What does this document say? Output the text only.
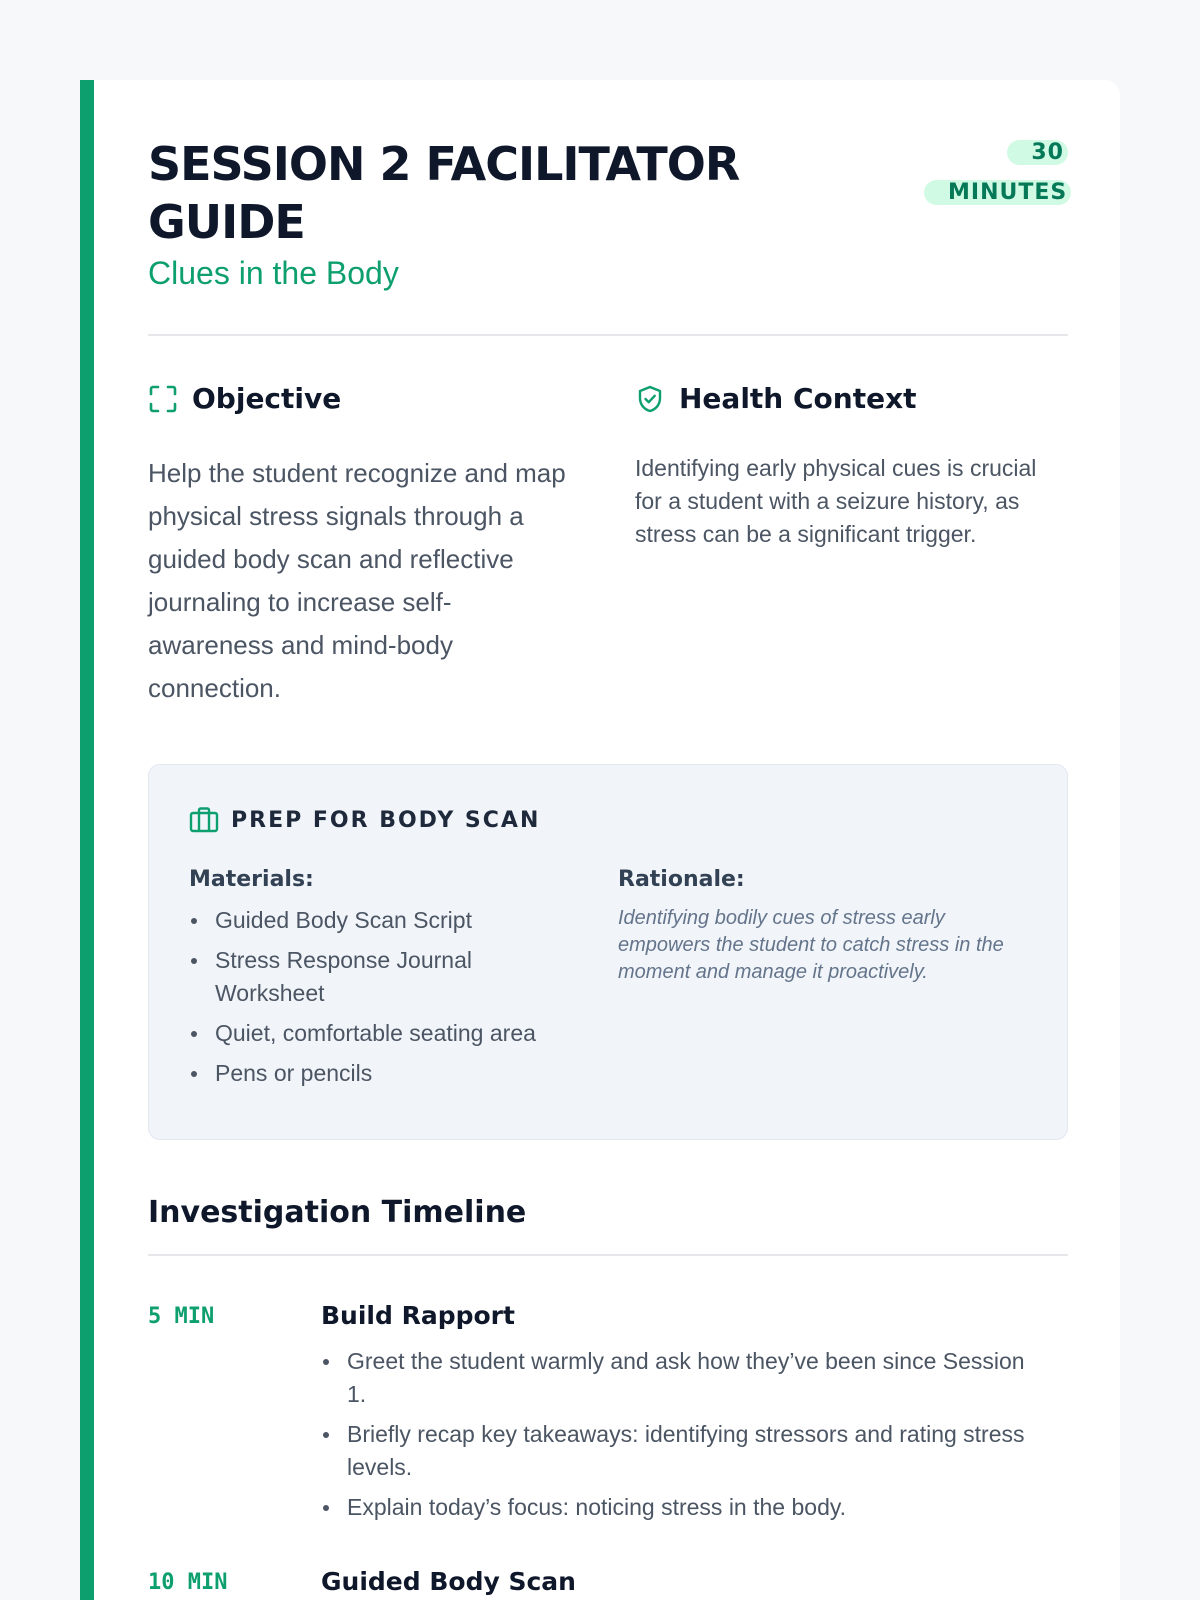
SESSION 2 FACILITATOR GUIDE
Clues in the Body
30
MINUTES
Objective

Help the student recognize and map physical stress signals through a guided body scan and reflective journaling to increase self-awareness and mind-body connection.

Health Context

Identifying early physical cues is crucial for a student with a seizure history, as stress can be a significant trigger.

PREP FOR BODY SCAN
Materials:
Guided Body Scan Script
Stress Response Journal Worksheet
Quiet, comfortable seating area
Pens or pencils
Rationale:

Identifying bodily cues of stress early empowers the student to catch stress in the moment and manage it proactively.

Investigation Timeline
5 MIN	Build Rapport
Greet the student warmly and ask how they’ve been since Session 1.
Briefly recap key takeaways: identifying stressors and rating stress levels.
Explain today’s focus: noticing stress in the body.
10 MIN	Guided Body Scan
